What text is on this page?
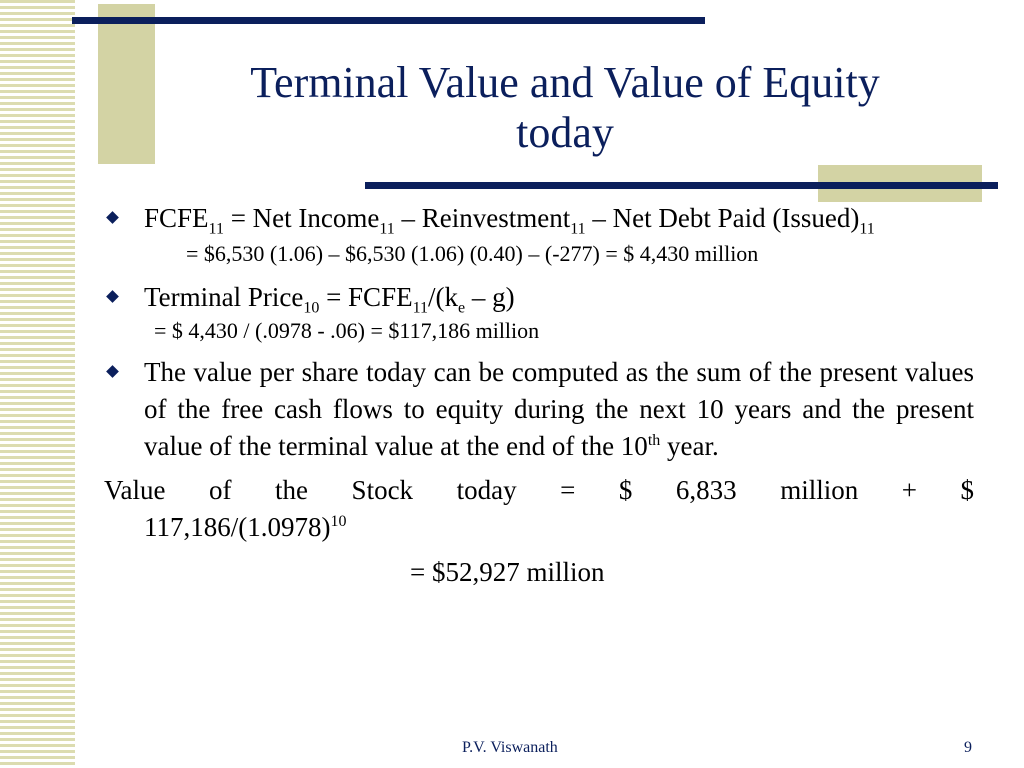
Terminal Value and Value of Equity
today
$FCFE_{11}$ = Net Income$_{11}$ – Reinvestment$_{11}$ – Net Debt Paid $(Issued)_{11}$
= $6,530 (1.06) – $6,530 (1.06) (0.40) – (-277) = $ 4,430 million
Terminal Price$_{10}$ = $FCFE_{11}/(k_e - g)$
= $ 4,430 / (.0978 - .06) = $117,186 million
The value per share today can be computed as the sum of the present values of the free cash flows to equity during the next 10 years and the present value of the terminal value at the end of the 10th year.
Value of the Stock today = $ 6,833 million + $
$117,186/(1.0978)^{10}$
= $52,927 million
P.V. Viswanath	9
